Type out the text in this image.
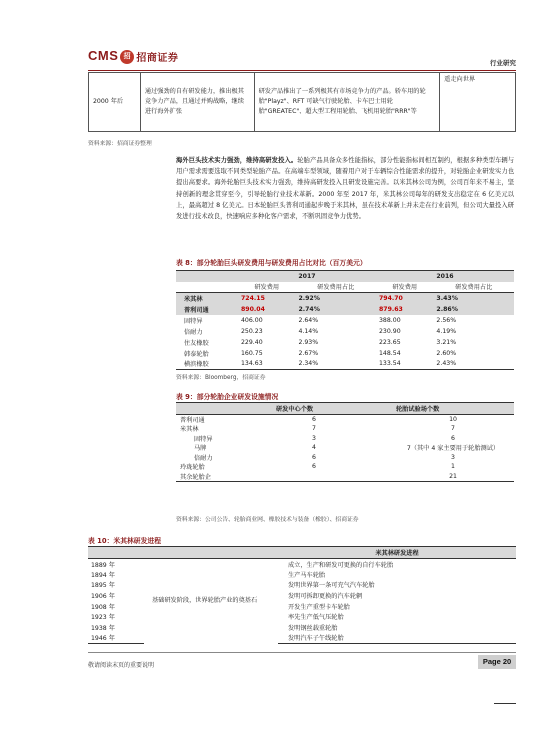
CMS 招 招商证券	行业研究
2000 年后	通过强劲的自有研发能力，推出极其竞争力产品，且通过并购战略，继续进行海外扩张	研发产品推出了一系列极其有市场竞争力的产品。轿车用的轮胎"Playz"、RFT 可缺气行驶轮胎、卡车巴士用轮胎"GREATEC"、超大型工程用轮胎、飞机用轮胎"RRR"等	遥走向世界
资料来源：招商证券整理
海外巨头技术实力强劲，维持高研发投入。轮胎产品具备众多性能指标，部分性能指标间相互制约，根据多种类型车辆与用户需求需要选取不同类型轮胎产品。在高端车型领域，随着用户对于车辆综合性能需求的提升，对轮胎企业研发实力也提出高要求。海外轮胎巨头技术实力强劲，维持高研发投入且研发设施完善。以米其林公司为例，公司百年来不易主，坚持创新的理念贯穿至今，引导轮胎行业技术革新。2000 年至 2017 年，米其林公司每年的研发支出稳定在 6 亿美元以上，最高超过 8 亿美元。日本轮胎巨头普利司通起步晚于米其林，虽在技术革新上并未走在行业前列，但公司大量投入研发进行技术改良，快速响应多种化客户需求，不断巩固竞争力优势。
表 8：部分轮胎巨头研发费用与研发费用占比对比（百万美元）
	2017		2016	
	研发费用	研发费用占比	研发费用	研发费用占比
米其林	724.15	2.92%	794.70	3.43%
普利司通	890.04	2.74%	879.63	2.86%
固特异	406.00	2.64%	388.00	2.56%
倍耐力	250.23	4.14%	230.90	4.19%
住友橡胶	229.40	2.93%	223.65	3.21%
韩泰轮胎	160.75	2.67%	148.54	2.60%
横滨橡胶	134.63	2.34%	133.54	2.43%
资料来源：Bloomberg，招商证券
表 9：部分轮胎企业研发设施情况
	研发中心个数	轮胎试验场个数
普利司通	6	10
米其林	7	7
固特异	3	6
马牌	4	7（其中 4 家主要用于轮胎测试）
倍耐力	6	3
玲珑轮胎	6	1
其余轮胎企		21
资料来源：公司公告、轮胎商业网、橡胶技术与装备（橡胶）、招商证券
表 10：米其林研发进程
		米其林研发进程
1889 年	基础研发阶段，世界轮胎产业的奠基石	成立，生产和研发可更换的自行车轮胎
1894 年		生产马车轮胎
1895 年		发明世界第一条可充气汽车轮胎
1906 年		发明可拆卸更换的汽车轮辋
1908 年		开发生产重型卡车轮胎
1923 年		率先生产低气压轮胎
1938 年		发明钢丝载重轮胎
1946 年		发明汽车子午线轮胎
敬请阅读末页的重要说明	Page 20
